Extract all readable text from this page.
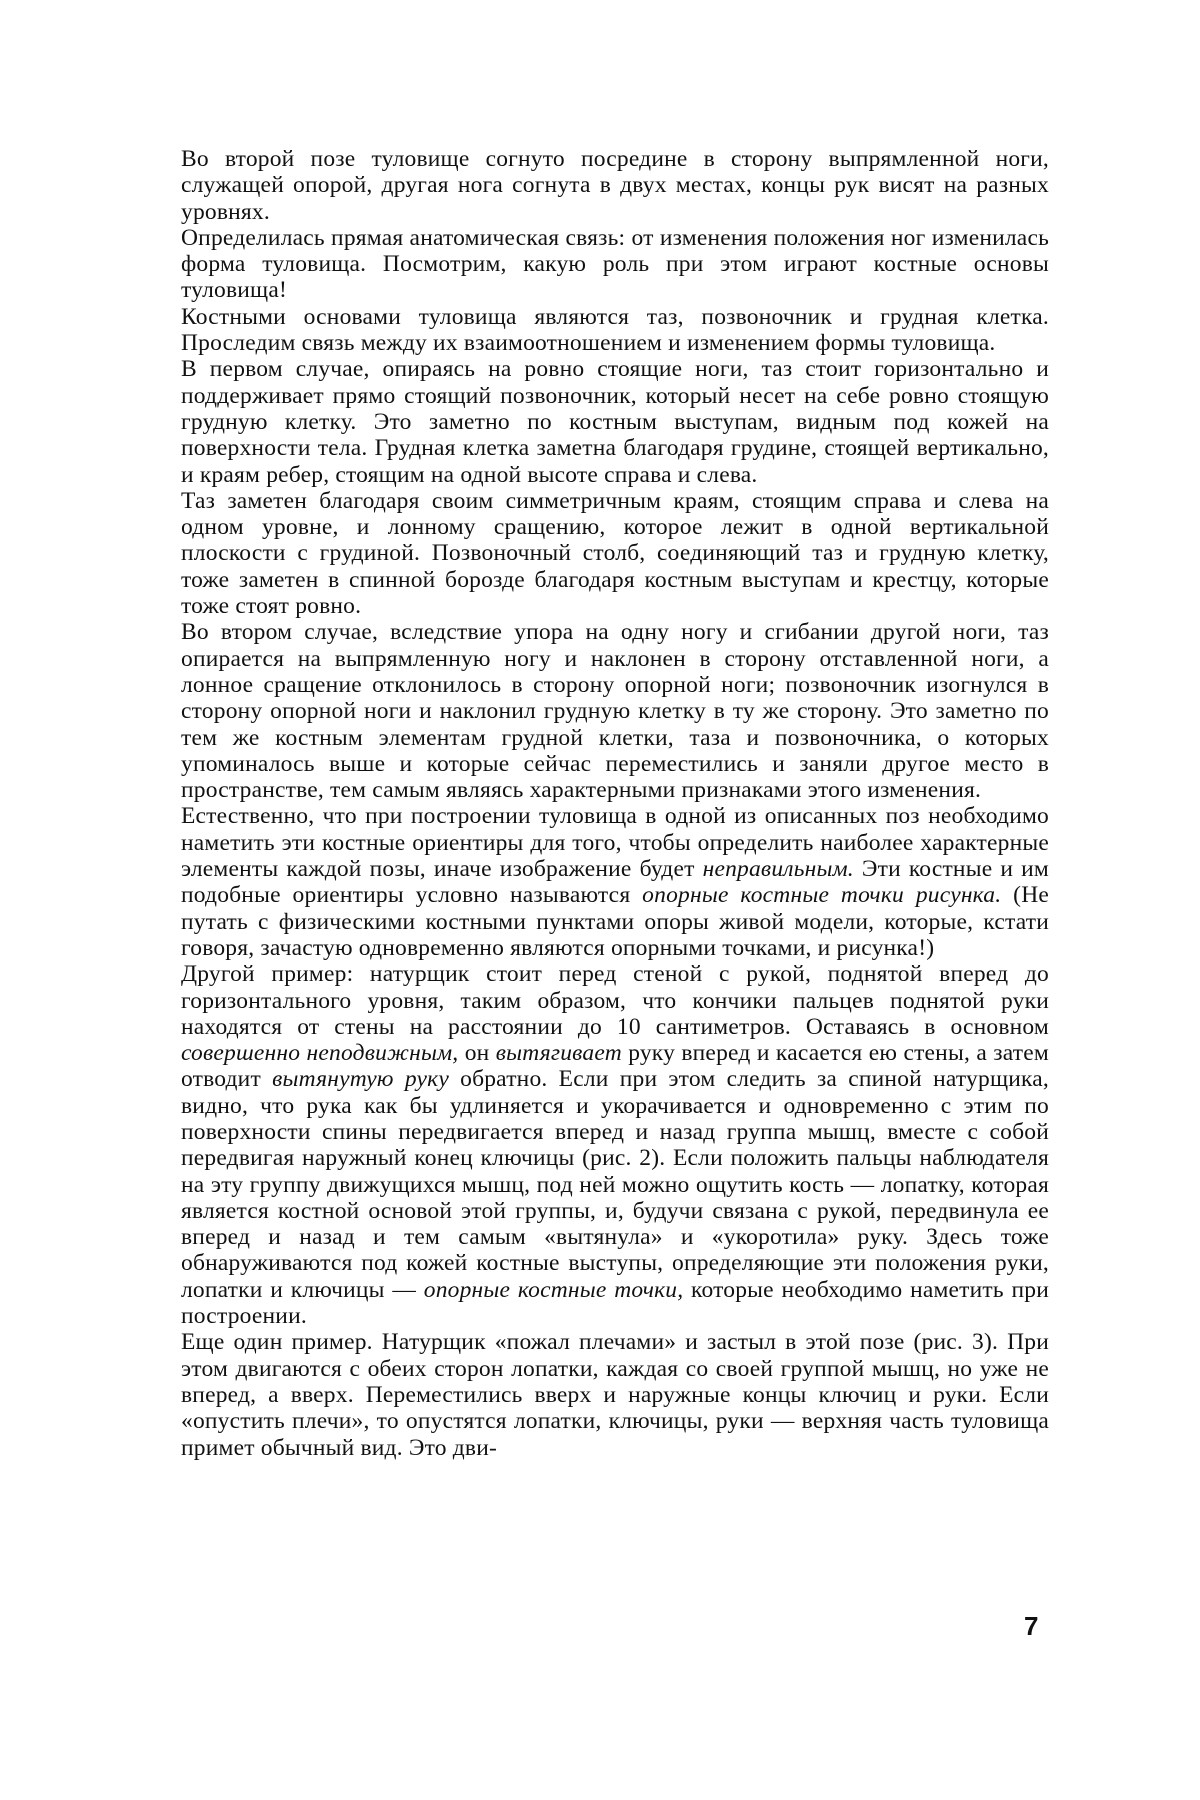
Во второй позе туловище согнуто посредине в сторону выпрямленной ноги, служащей опорой, другая нога согнута в двух местах, концы рук висят на разных уровнях.

Определилась прямая анатомическая связь: от изменения положения ног изменилась форма туловища. Посмотрим, какую роль при этом играют костные основы туловища!

Костными основами туловища являются таз, позвоночник и грудная клетка. Проследим связь между их взаимоотношением и изменением формы туловища.

В первом случае, опираясь на ровно стоящие ноги, таз стоит горизонтально и поддерживает прямо стоящий позвоночник, который несет на себе ровно стоящую грудную клетку. Это заметно по костным выступам, видным под кожей на поверхности тела. Грудная клетка заметна благодаря грудине, стоящей вертикально, и краям ребер, стоящим на одной высоте справа и слева.

Таз заметен благодаря своим симметричным краям, стоящим справа и слева на одном уровне, и лонному сращению, которое лежит в одной вертикальной плоскости с грудиной. Позвоночный столб, соединяющий таз и грудную клетку, тоже заметен в спинной борозде благодаря костным выступам и крестцу, которые тоже стоят ровно.

Во втором случае, вследствие упора на одну ногу и сгибании другой ноги, таз опирается на выпрямленную ногу и наклонен в сторону отставленной ноги, а лонное сращение отклонилось в сторону опорной ноги; позвоночник изогнулся в сторону опорной ноги и наклонил грудную клетку в ту же сторону. Это заметно по тем же костным элементам грудной клетки, таза и позвоночника, о которых упоминалось выше и которые сейчас переместились и заняли другое место в пространстве, тем самым являясь характерными признаками этого изменения.

Естественно, что при построении туловища в одной из описанных поз необходимо наметить эти костные ориентиры для того, чтобы определить наиболее характерные элементы каждой позы, иначе изображение будет неправильным. Эти костные и им подобные ориентиры условно называются опорные костные точки рисунка. (Не путать с физическими костными пунктами опоры живой модели, которые, кстати говоря, зачастую одновременно являются опорными точками, и рисунка!)

Другой пример: натурщик стоит перед стеной с рукой, поднятой вперед до горизонтального уровня, таким образом, что кончики пальцев поднятой руки находятся от стены на расстоянии до 10 сантиметров. Оставаясь в основном совершенно неподвижным, он вытягивает руку вперед и касается ею стены, а затем отводит вытянутую руку обратно. Если при этом следить за спиной натурщика, видно, что рука как бы удлиняется и укорачивается и одновременно с этим по поверхности спины передвигается вперед и назад группа мышц, вместе с собой передвигая наружный конец ключицы (рис. 2). Если положить пальцы наблюдателя на эту группу движущихся мышц, под ней можно ощутить кость — лопатку, которая является костной основой этой группы, и, будучи связана с рукой, передвинула ее вперед и назад и тем самым «вытянула» и «укоротила» руку. Здесь тоже обнаруживаются под кожей костные выступы, определяющие эти положения руки, лопатки и ключицы — опорные костные точки, которые необходимо наметить при построении.

Еще один пример. Натурщик «пожал плечами» и застыл в этой позе (рис. 3). При этом двигаются с обеих сторон лопатки, каждая со своей группой мышц, но уже не вперед, а вверх. Переместились вверх и наружные концы ключиц и руки. Если «опустить плечи», то опустятся лопатки, ключицы, руки — верхняя часть туловища примет обычный вид. Это дви-

7
